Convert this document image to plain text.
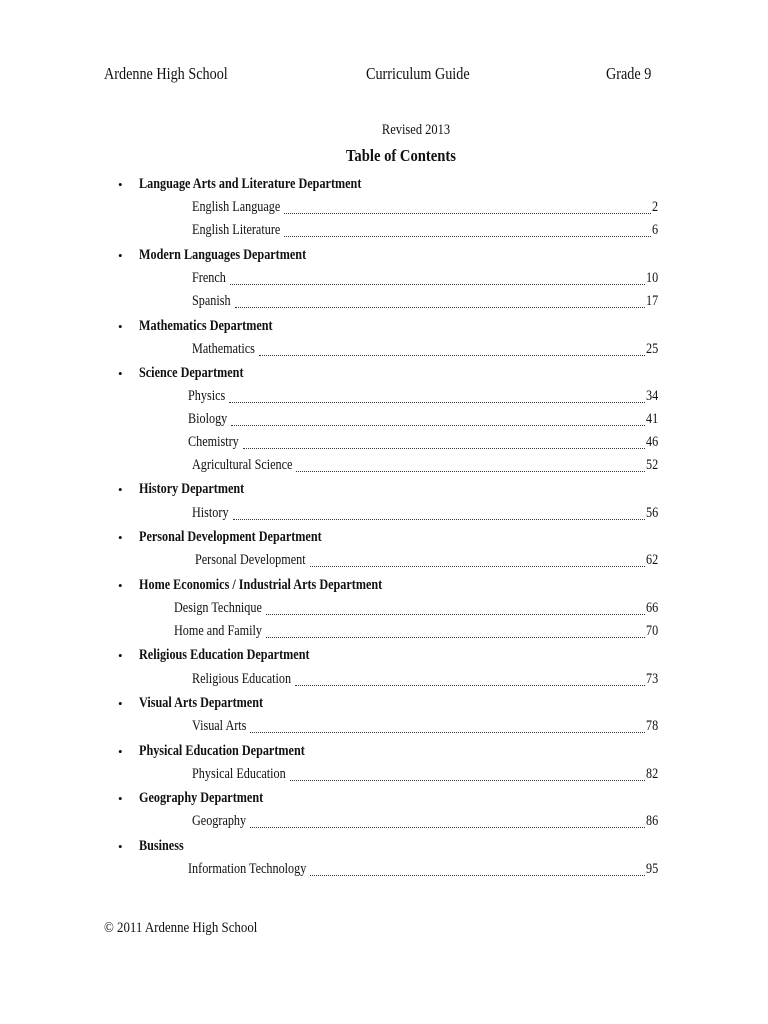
Ardenne High School	Curriculum Guide	Grade 9
Revised 2013
Table of Contents
• Language Arts and Literature Department
English Language	2
English Literature	6
• Modern Languages Department
French	10
Spanish	17
• Mathematics Department
Mathematics	25
• Science Department
Physics	34
Biology	41
Chemistry	46
Agricultural Science	52
• History Department
History	56
• Personal Development Department
Personal Development	62
• Home Economics / Industrial Arts Department
Design Technique	66
Home and Family	70
• Religious Education Department
Religious Education	73
• Visual Arts Department
Visual Arts	78
• Physical Education Department
Physical Education	82
• Geography Department
Geography	86
• Business
Information Technology	95
© 2011 Ardenne High School
